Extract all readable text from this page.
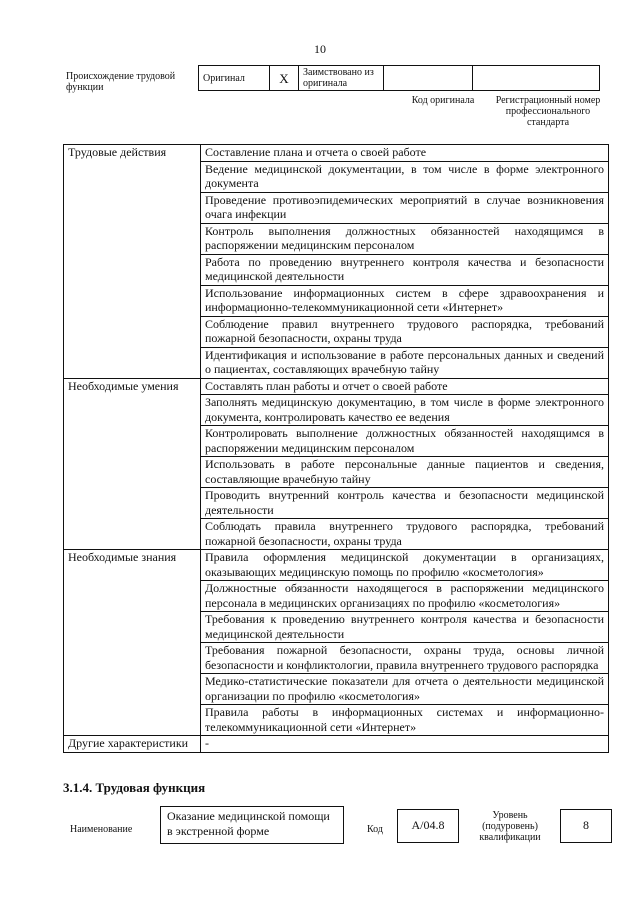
10
Происхождение трудовой функции
Оригинал	X	Заимствовано из оригинала		
Код оригинала	Регистрационный номер профессионального стандарта
Трудовые действия	Составление плана и отчета о своей работе
	Ведение медицинской документации, в том числе в форме электронного документа
	Проведение противоэпидемических мероприятий в случае возникновения очага инфекции
	Контроль выполнения должностных обязанностей находящимся в распоряжении медицинским персоналом
	Работа по проведению внутреннего контроля качества и безопасности медицинской деятельности
	Использование информационных систем в сфере здравоохранения и информационно-телекоммуникационной сети «Интернет»
	Соблюдение правил внутреннего трудового распорядка, требований пожарной безопасности, охраны труда
	Идентификация и использование в работе персональных данных и сведений о пациентах, составляющих врачебную тайну
Необходимые умения	Составлять план работы и отчет о своей работе
	Заполнять медицинскую документацию, в том числе в форме электронного документа, контролировать качество ее ведения
	Контролировать выполнение должностных обязанностей находящимся в распоряжении медицинским персоналом
	Использовать в работе персональные данные пациентов и сведения, составляющие врачебную тайну
	Проводить внутренний контроль качества и безопасности медицинской деятельности
	Соблюдать правила внутреннего трудового распорядка, требований пожарной безопасности, охраны труда
Необходимые знания	Правила оформления медицинской документации в организациях, оказывающих медицинскую помощь по профилю «косметология»
	Должностные обязанности находящегося в распоряжении медицинского персонала в медицинских организациях по профилю «косметология»
	Требования к проведению внутреннего контроля качества и безопасности медицинской деятельности
	Требования пожарной безопасности, охраны труда, основы личной безопасности и конфликтологии, правила внутреннего трудового распорядка
	Медико-статистические показатели для отчета о деятельности медицинской организации по профилю «косметология»
	Правила работы в информационных системах и информационно-телекоммуникационной сети «Интернет»
Другие характеристики	-
3.1.4. Трудовая функция
Наименование
Оказание медицинской помощи в экстренной форме	Код	A/04.8
Уровень (подуровень) квалификации
8
